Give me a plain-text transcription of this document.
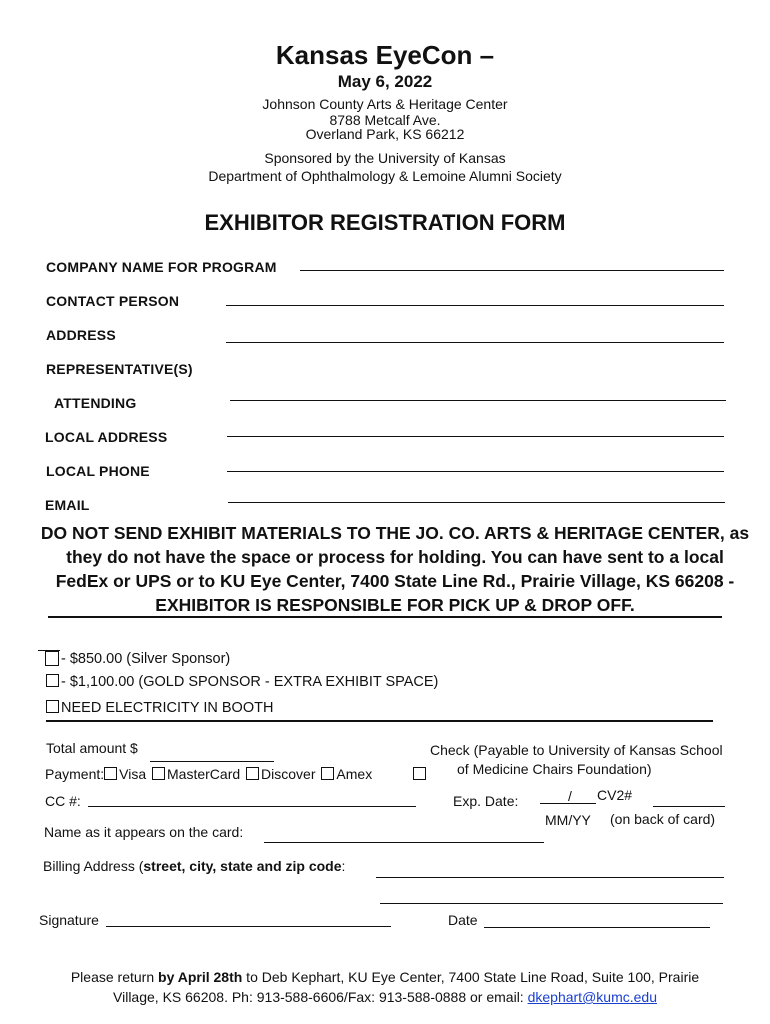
Kansas EyeCon –
May 6, 2022
Johnson County Arts & Heritage Center
8788 Metcalf Ave.
Overland Park, KS 66212
Sponsored by the University of Kansas
Department of Ophthalmology & Lemoine Alumni Society
EXHIBITOR REGISTRATION FORM
COMPANY NAME FOR PROGRAM
CONTACT PERSON
ADDRESS
REPRESENTATIVE(S)
ATTENDING
LOCAL ADDRESS
LOCAL PHONE
EMAIL
DO NOT SEND EXHIBIT MATERIALS TO THE JO. CO. ARTS & HERITAGE CENTER, as they do not have the space or process for holding. You can have sent to a local FedEx or UPS or to KU Eye Center, 7400 State Line Rd., Prairie Village, KS 66208 - EXHIBITOR IS RESPONSIBLE FOR PICK UP & DROP OFF.
- $850.00 (Silver Sponsor)
- $1,100.00 (GOLD SPONSOR - EXTRA EXHIBIT SPACE)
NEED ELECTRICITY IN BOOTH
Total amount $
Payment: Visa MasterCard Discover Amex
Check (Payable to University of Kansas School
of Medicine Chairs Foundation)
CC #:	Exp. Date:	/ CV2#
MM/YY (on back of card)
Name as it appears on the card:
Billing Address (street, city, state and zip code:
Signature	Date
Please return by April 28th to Deb Kephart, KU Eye Center, 7400 State Line Road, Suite 100, Prairie
Village, KS 66208. Ph: 913-588-6606/Fax: 913-588-0888 or email: dkephart@kumc.edu
